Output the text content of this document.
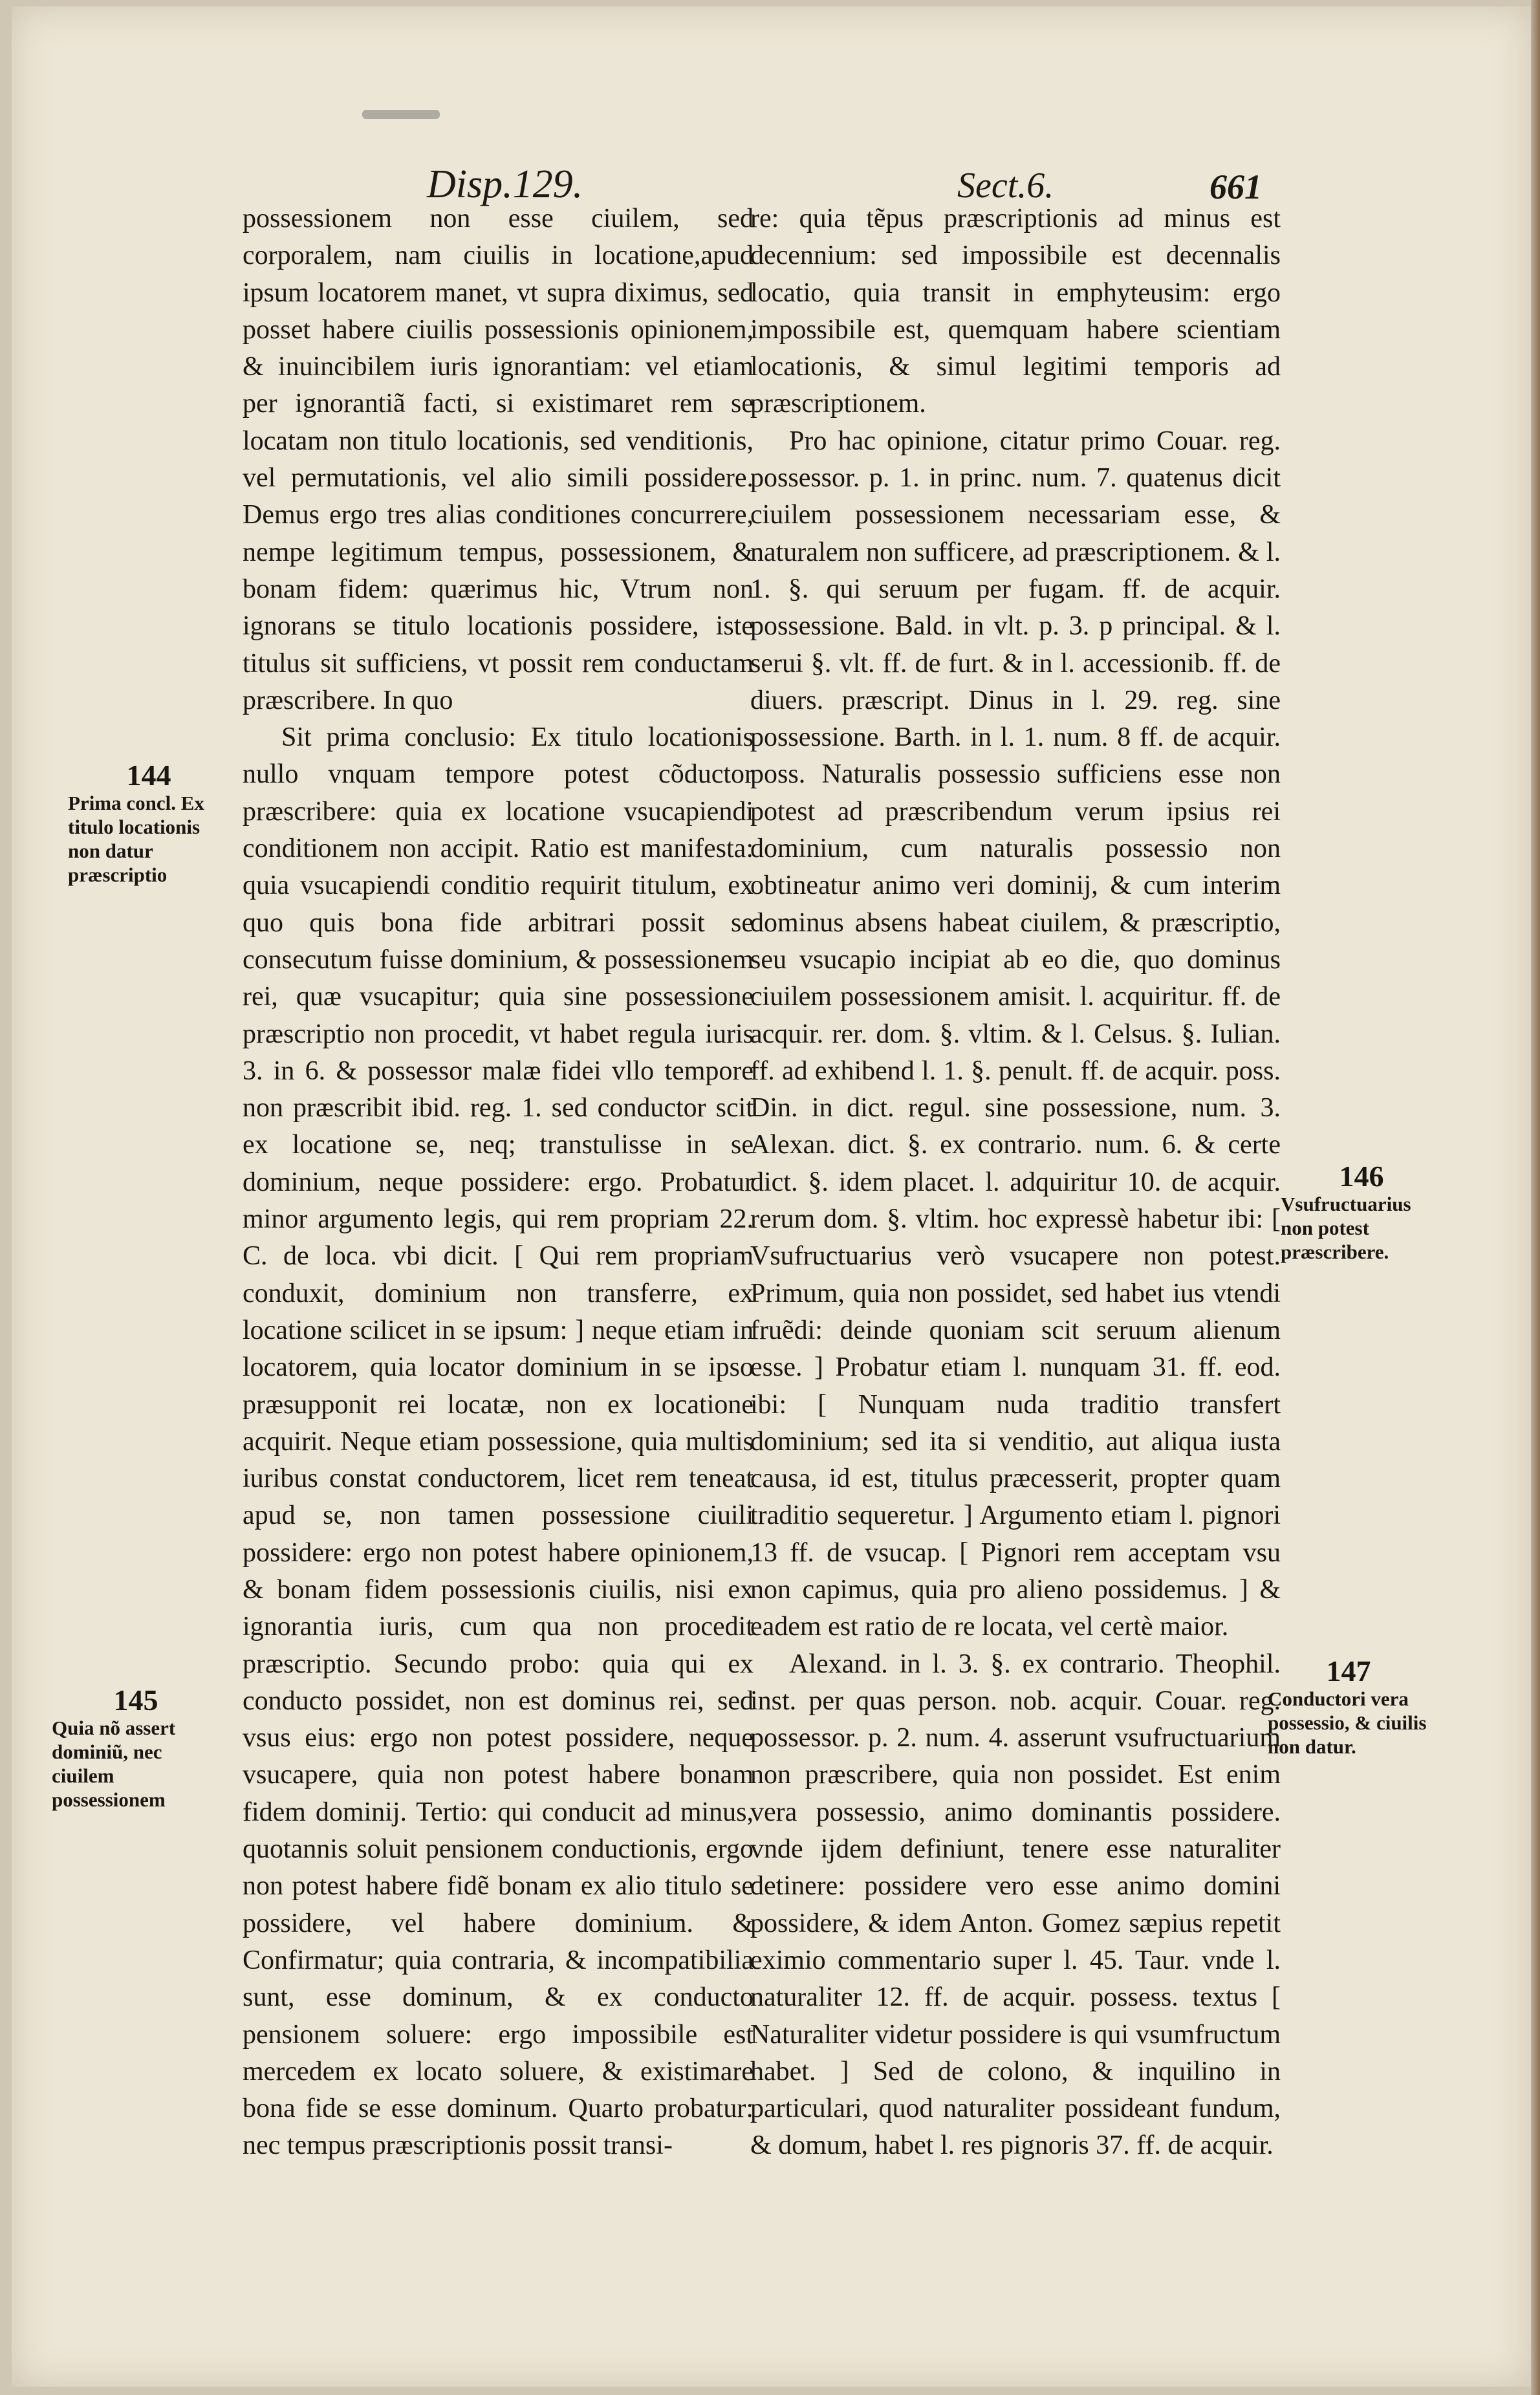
Disp.129.	Sect.6.	661

possessionem non esse ciuilem, sed corporalem, nam ciuilis in locatione,apud ipsum locatorem manet, vt supra diximus, sed posset habere ciuilis possessionis opinionem, & inuincibilem iuris ignorantiam: vel etiam per ignorantiã facti, si existimaret rem se locatam non titulo locationis, sed venditionis, vel permutationis, vel alio simili possidere. Demus ergo tres alias conditiones concurrere, nempe legitimum tempus, possessionem, & bonam fidem: quærimus hic, Vtrum non ignorans se titulo locationis possidere, iste titulus sit sufficiens, vt possit rem conductam præscribere. In quo

Sit prima conclusio: Ex titulo locationis nullo vnquam tempore potest cõductor præscribere: quia ex locatione vsucapiendi conditionem non accipit. Ratio est manifesta: quia vsucapiendi conditio requirit titulum, ex quo quis bona fide arbitrari possit se consecutum fuisse dominium, & possessionem rei, quæ vsucapitur; quia sine possessione præscriptio non procedit, vt habet regula iuris 3. in 6. & possessor malæ fidei vllo tempore non præscribit ibid. reg. 1. sed conductor scit ex locatione se, neq; transtulisse in se dominium, neque possidere: ergo. Probatur minor argumento legis, qui rem propriam 22. C. de loca. vbi dicit. [ Qui rem propriam conduxit, dominium non transferre, ex locatione scilicet in se ipsum: ] neque etiam in locatorem, quia locator dominium in se ipso præsupponit rei locatæ, non ex locatione acquirit. Neque etiam possessione, quia multis iuribus constat conductorem, licet rem teneat apud se, non tamen possessione ciuili possidere: ergo non potest habere opinionem, & bonam fidem possessionis ciuilis, nisi ex ignorantia iuris, cum qua non procedit præscriptio. Secundo probo: quia qui ex conducto possidet, non est dominus rei, sed vsus eius: ergo non potest possidere, neque vsucapere, quia non potest habere bonam fidem dominij. Tertio: qui conducit ad minus, quotannis soluit pensionem conductionis, ergo non potest habere fidẽ bonam ex alio titulo se possidere, vel habere dominium. & Confirmatur; quia contraria, & incompatibilia sunt, esse dominum, & ex conducto pensionem soluere: ergo impossibile est mercedem ex locato soluere, & existimare bona fide se esse dominum. Quarto probatur: nec tempus præscriptionis possit transi-

re: quia tẽpus præscriptionis ad minus est decennium: sed impossibile est decennalis locatio, quia transit in emphyteusim: ergo impossibile est, quemquam habere scientiam locationis, & simul legitimi temporis ad præscriptionem.

Pro hac opinione, citatur primo Couar. reg. possessor. p. 1. in princ. num. 7. quatenus dicit ciuilem possessionem necessariam esse, & naturalem non sufficere, ad præscriptionem. & l. 1. §. qui seruum per fugam. ff. de acquir. possessione. Bald. in vlt. p. 3. p principal. & l. serui §. vlt. ff. de furt. & in l. accessionib. ff. de diuers. præscript. Dinus in l. 29. reg. sine possessione. Barth. in l. 1. num. 8 ff. de acquir. poss. Naturalis possessio sufficiens esse non potest ad præscribendum verum ipsius rei dominium, cum naturalis possessio non obtineatur animo veri dominij, & cum interim dominus absens habeat ciuilem, & præscriptio, seu vsucapio incipiat ab eo die, quo dominus ciuilem possessionem amisit. l. acquiritur. ff. de acquir. rer. dom. §. vltim. & l. Celsus. §. Iulian. ff. ad exhibend l. 1. §. penult. ff. de acquir. poss. Din. in dict. regul. sine possessione, num. 3. Alexan. dict. §. ex contrario. num. 6. & certe dict. §. idem placet. l. adquiritur 10. de acquir. rerum dom. §. vltim. hoc expressè habetur ibi: [ Vsufructuarius verò vsucapere non potest. Primum, quia non possidet, sed habet ius vtendi fruẽdi: deinde quoniam scit seruum alienum esse. ] Probatur etiam l. nunquam 31. ff. eod. ibi: [ Nunquam nuda traditio transfert dominium; sed ita si venditio, aut aliqua iusta causa, id est, titulus præcesserit, propter quam traditio sequeretur. ] Argumento etiam l. pignori 13 ff. de vsucap. [ Pignori rem acceptam vsu non capimus, quia pro alieno possidemus. ] & eadem est ratio de re locata, vel certè maior.

Alexand. in l. 3. §. ex contrario. Theophil. inst. per quas person. nob. acquir. Couar. reg. possessor. p. 2. num. 4. asserunt vsufructuarium non præscribere, quia non possidet. Est enim vera possessio, animo dominantis possidere. vnde ijdem definiunt, tenere esse naturaliter detinere: possidere vero esse animo domini possidere, & idem Anton. Gomez sæpius repetit eximio commentario super l. 45. Taur. vnde l. naturaliter 12. ff. de acquir. possess. textus [ Naturaliter videtur possidere is qui vsumfructum habet. ] Sed de colono, & inquilino in particulari, quod naturaliter possideant fundum, & domum, habet l. res pignoris 37. ff. de acquir.

144
Prima concl. Ex titulo locationis non datur præscriptio
145
Quia nõ assert dominiũ, nec ciuilem possessionem
146
Vsufructuarius non potest præscribere.
147
Conductori vera possessio, & ciuilis non datur.
